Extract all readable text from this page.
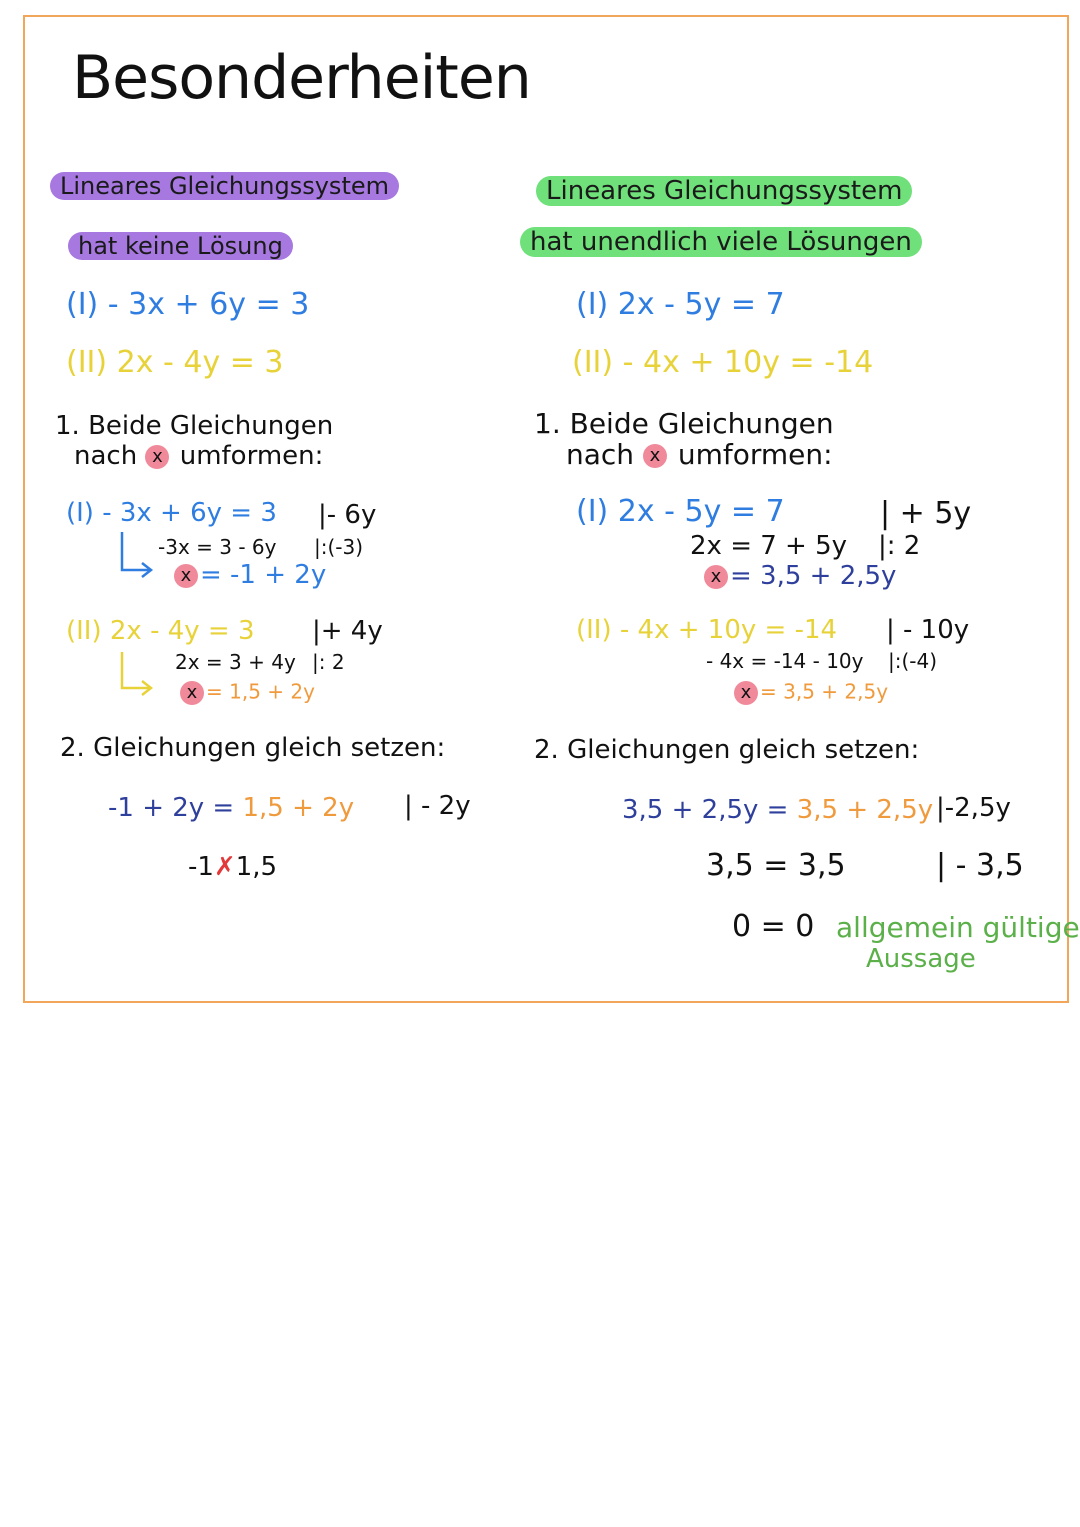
Besonderheiten
Lineares Gleichungssystem
hat keine Lösung
(I) - 3x + 6y = 3
(II) 2x - 4y = 3
1. Beide Gleichungen
nach x umformen:
(I) - 3x + 6y = 3 |- 6y
-3x = 3 - 6y |:(-3)
x = -1 + 2y
(II) 2x - 4y = 3 |+ 4y
2x = 3 + 4y |: 2
x = 1,5 + 2y
2. Gleichungen gleich setzen:
-1 + 2y = 1,5 + 2y | - 2y
-1✗1,5
Lineares Gleichungssystem
hat unendlich viele Lösungen
(I) 2x - 5y = 7
(II) - 4x + 10y = -14
1. Beide Gleichungen
nach x umformen:
(I) 2x - 5y = 7	| + 5y
2x = 7 + 5y |: 2
x = 3,5 + 2,5y
(II) - 4x + 10y = -14 | - 10y
- 4x = -14 - 10y |:(-4)
x = 3,5 + 2,5y
2. Gleichungen gleich setzen:
3,5 + 2,5y = 3,5 + 2,5y |-2,5y
3,5 = 3,5	| - 3,5
0 = 0 allgemein gültige
Aussage
